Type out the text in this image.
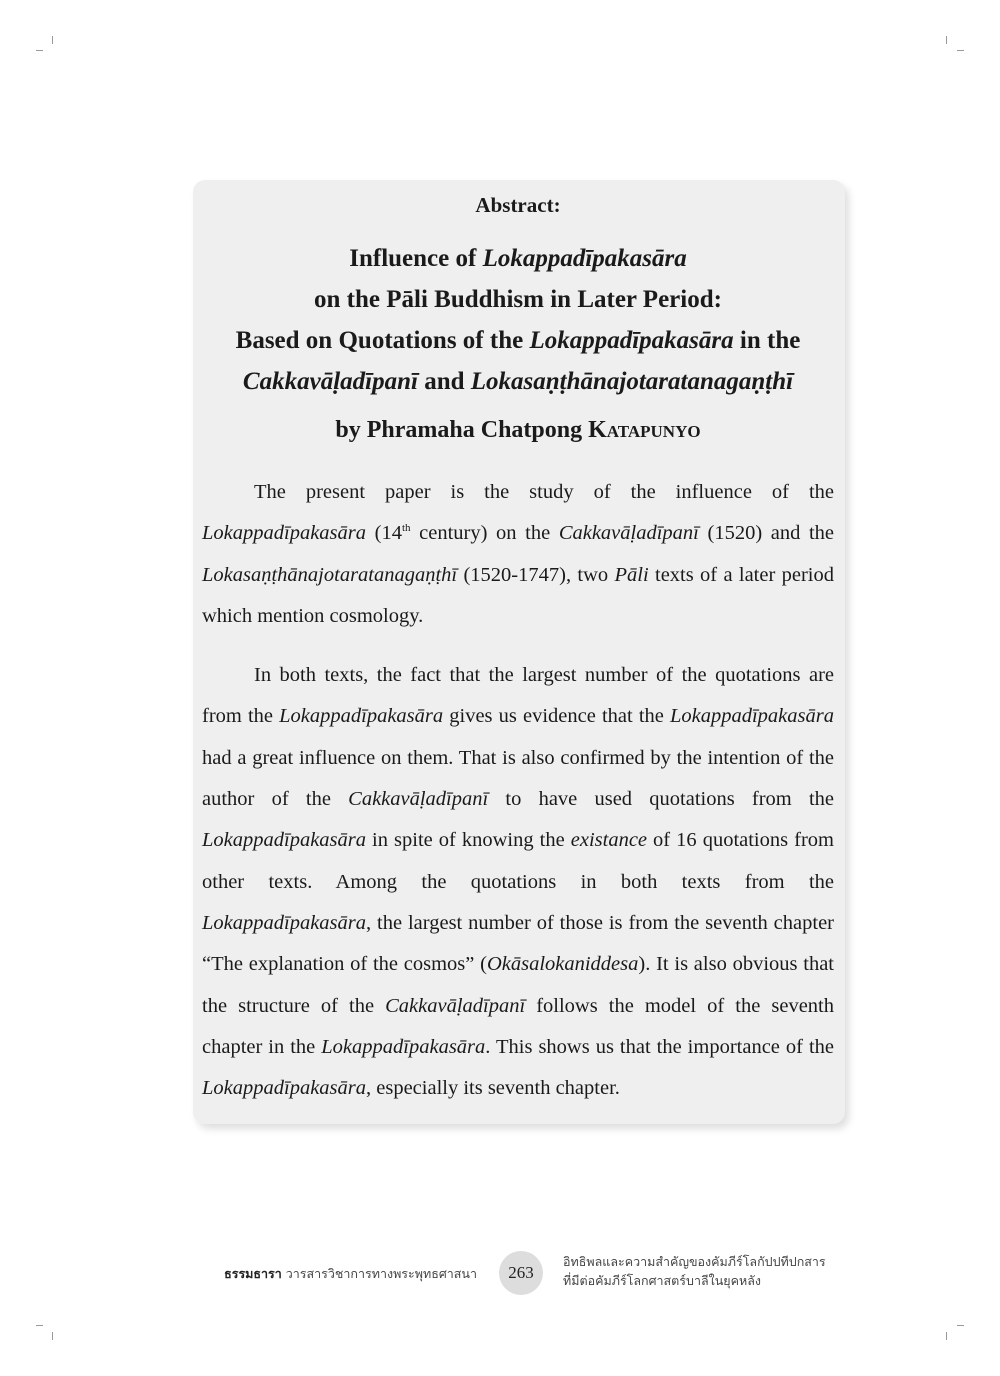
Abstract:
Influence of Lokappadīpakasāra
on the Pāli Buddhism in Later Period:
Based on Quotations of the Lokappadīpakasāra in the
Cakkavāḷadīpanī and Lokasaṇṭhānajotaratanagaṇṭhī
by Phramaha Chatpong Katapunyo

The present paper is the study of the influence of the Lokappadīpakasāra (14th century) on the Cakkavāḷadīpanī (1520) and the Lokasaṇṭhānajotaratanagaṇṭhī (1520-1747), two Pāli texts of a later period which mention cosmology.

In both texts, the fact that the largest number of the quotations are from the Lokappadīpakasāra gives us evidence that the Lokappadīpakasāra had a great influence on them. That is also confirmed by the intention of the author of the Cakkavāḷadīpanī to have used quotations from the Lokappadīpakasāra in spite of knowing the existance of 16 quotations from other texts. Among the quotations in both texts from the Lokappadīpakasāra, the largest number of those is from the seventh chapter “The explanation of the cosmos” (Okāsalokaniddesa). It is also obvious that the structure of the Cakkavāḷadīpanī follows the model of the seventh chapter in the Lokappadīpakasāra. This shows us that the importance of the Lokappadīpakasāra, especially its seventh chapter.

ธรรมธารา วารสารวิชาการทางพระพุทธศาสนา	263
อิทธิพลและความสำคัญของคัมภีร์โลกัปปทีปกสาร
ที่มีต่อคัมภีร์โลกศาสตร์บาลีในยุคหลัง
